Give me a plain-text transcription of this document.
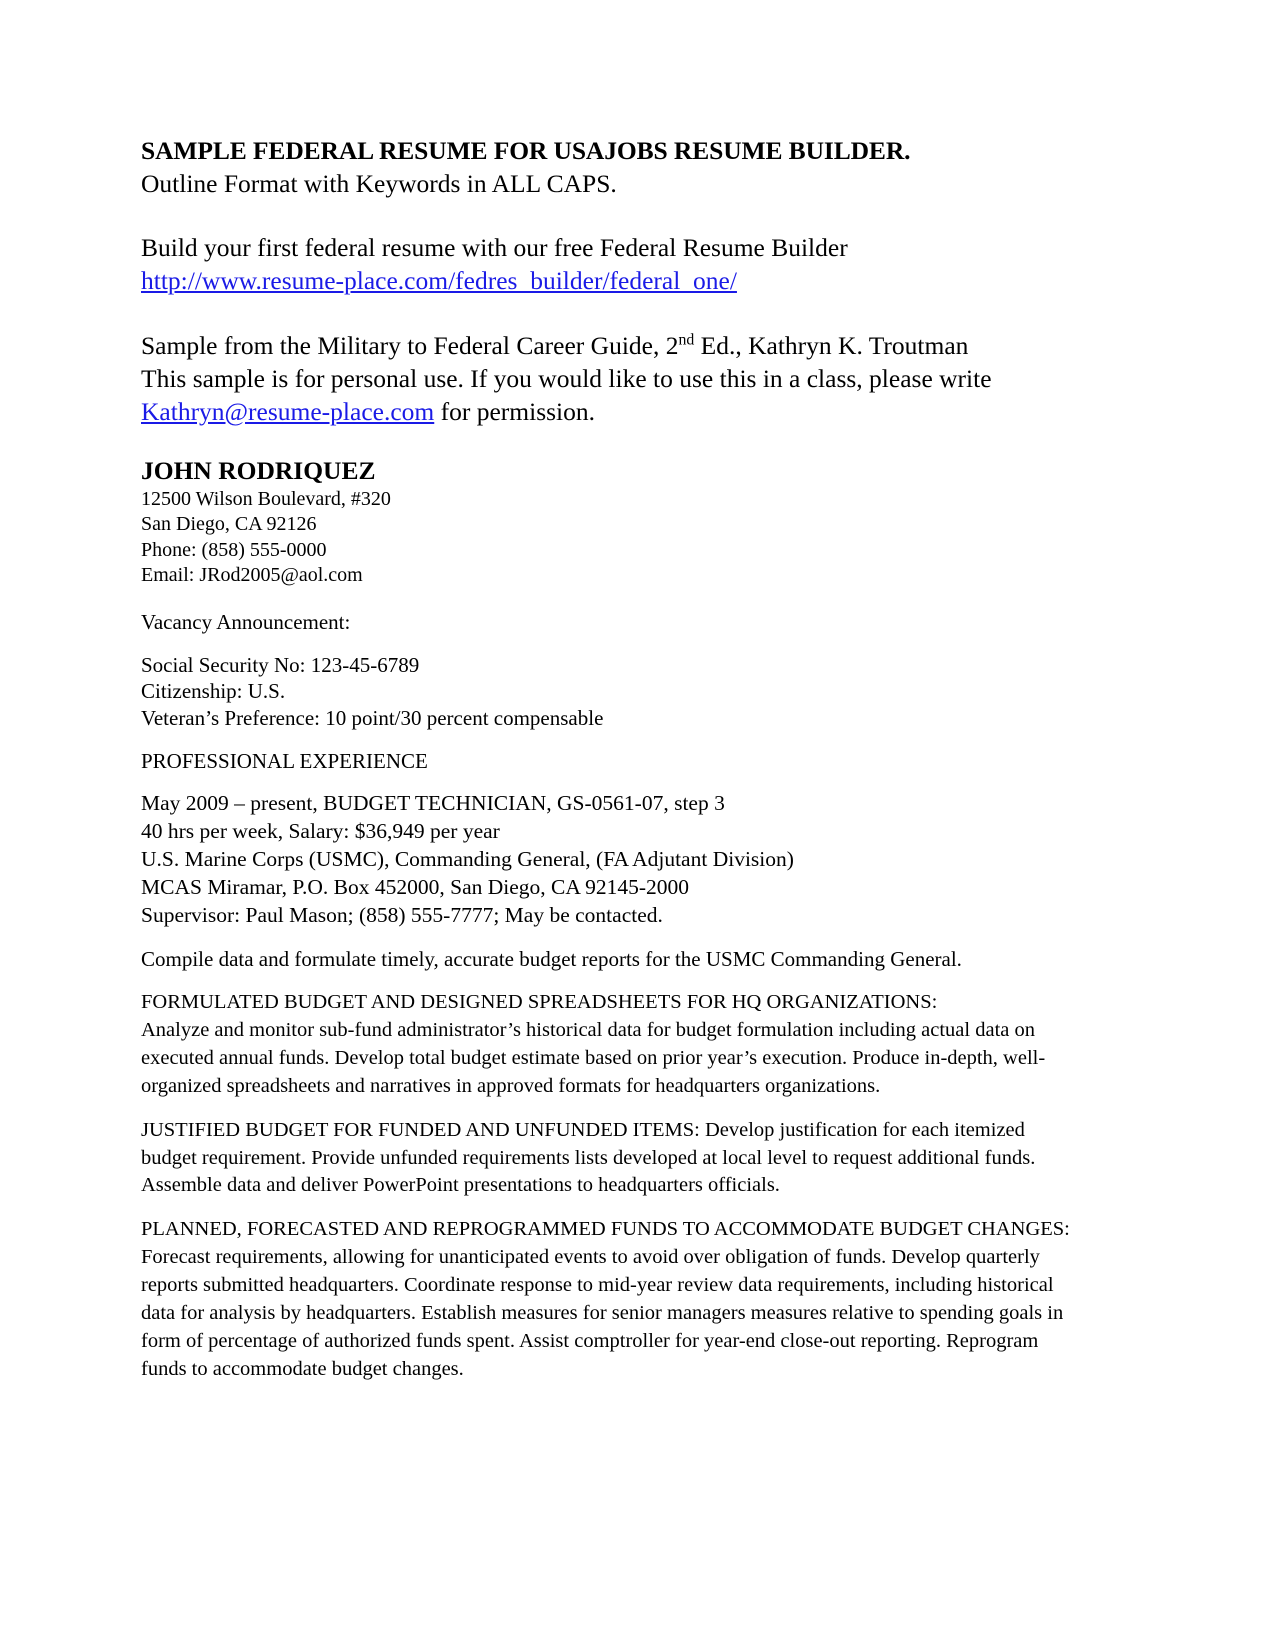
SAMPLE FEDERAL RESUME FOR USAJOBS RESUME BUILDER.
Outline Format with Keywords in ALL CAPS.
Build your first federal resume with our free Federal Resume Builder
http://www.resume-place.com/fedres_builder/federal_one/
Sample from the Military to Federal Career Guide, 2nd Ed., Kathryn K. Troutman
This sample is for personal use. If you would like to use this in a class, please write
Kathryn@resume-place.com for permission.
JOHN RODRIQUEZ
12500 Wilson Boulevard, #320
San Diego, CA 92126
Phone: (858) 555-0000
Email: JRod2005@aol.com
Vacancy Announcement:
Social Security No: 123-45-6789
Citizenship: U.S.
Veteran’s Preference: 10 point/30 percent compensable
PROFESSIONAL EXPERIENCE
May 2009 – present, BUDGET TECHNICIAN, GS-0561-07, step 3
40 hrs per week, Salary: $36,949 per year
U.S. Marine Corps (USMC), Commanding General, (FA Adjutant Division)
MCAS Miramar, P.O. Box 452000, San Diego, CA 92145-2000
Supervisor: Paul Mason; (858) 555-7777; May be contacted.
Compile data and formulate timely, accurate budget reports for the USMC Commanding General.
FORMULATED BUDGET AND DESIGNED SPREADSHEETS FOR HQ ORGANIZATIONS:
Analyze and monitor sub-fund administrator’s historical data for budget formulation including actual data on executed annual funds. Develop total budget estimate based on prior year’s execution. Produce in-depth, well-organized spreadsheets and narratives in approved formats for headquarters organizations.
JUSTIFIED BUDGET FOR FUNDED AND UNFUNDED ITEMS: Develop justification for each itemized budget requirement. Provide unfunded requirements lists developed at local level to request additional funds. Assemble data and deliver PowerPoint presentations to headquarters officials.
PLANNED, FORECASTED AND REPROGRAMMED FUNDS TO ACCOMMODATE BUDGET CHANGES: Forecast requirements, allowing for unanticipated events to avoid over obligation of funds. Develop quarterly reports submitted headquarters. Coordinate response to mid-year review data requirements, including historical data for analysis by headquarters. Establish measures for senior managers measures relative to spending goals in form of percentage of authorized funds spent. Assist comptroller for year-end close-out reporting. Reprogram funds to accommodate budget changes.
